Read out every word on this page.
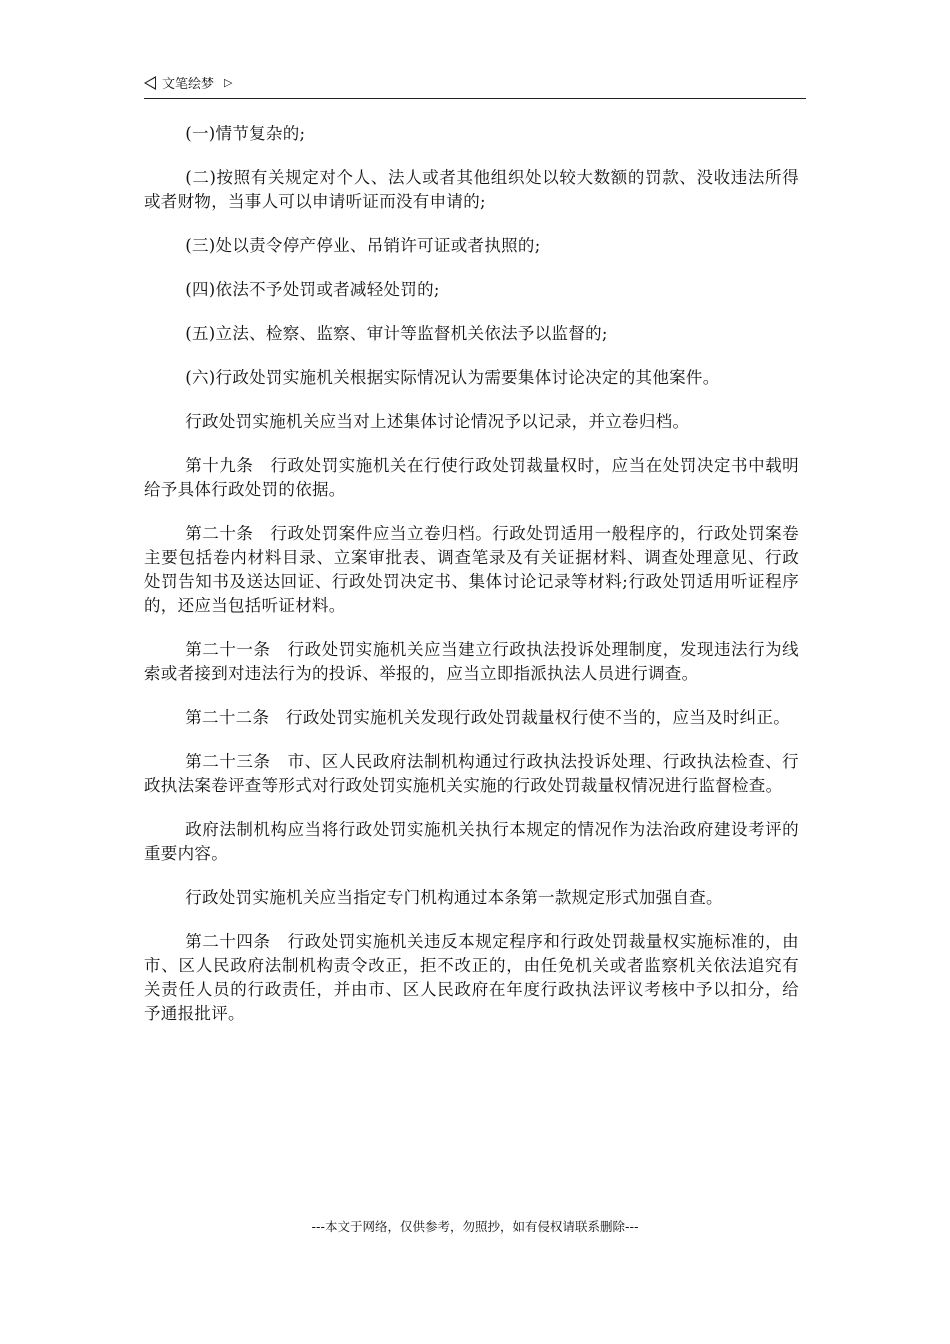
文笔绘梦 ▷

(一)情节复杂的;

(二)按照有关规定对个人、法人或者其他组织处以较大数额的罚款、没收违法所得或者财物，当事人可以申请听证而没有申请的;

(三)处以责令停产停业、吊销许可证或者执照的;

(四)依法不予处罚或者减轻处罚的;

(五)立法、检察、监察、审计等监督机关依法予以监督的;

(六)行政处罚实施机关根据实际情况认为需要集体讨论决定的其他案件。

行政处罚实施机关应当对上述集体讨论情况予以记录，并立卷归档。

第十九条　行政处罚实施机关在行使行政处罚裁量权时，应当在处罚决定书中载明给予具体行政处罚的依据。

第二十条　行政处罚案件应当立卷归档。行政处罚适用一般程序的，行政处罚案卷主要包括卷内材料目录、立案审批表、调查笔录及有关证据材料、调查处理意见、行政处罚告知书及送达回证、行政处罚决定书、集体讨论记录等材料;行政处罚适用听证程序的，还应当包括听证材料。

第二十一条　行政处罚实施机关应当建立行政执法投诉处理制度，发现违法行为线索或者接到对违法行为的投诉、举报的，应当立即指派执法人员进行调查。

第二十二条　行政处罚实施机关发现行政处罚裁量权行使不当的，应当及时纠正。

第二十三条　市、区人民政府法制机构通过行政执法投诉处理、行政执法检查、行政执法案卷评查等形式对行政处罚实施机关实施的行政处罚裁量权情况进行监督检查。

政府法制机构应当将行政处罚实施机关执行本规定的情况作为法治政府建设考评的重要内容。

行政处罚实施机关应当指定专门机构通过本条第一款规定形式加强自查。

第二十四条　行政处罚实施机关违反本规定程序和行政处罚裁量权实施标准的，由市、区人民政府法制机构责令改正，拒不改正的，由任免机关或者监察机关依法追究有关责任人员的行政责任，并由市、区人民政府在年度行政执法评议考核中予以扣分，给予通报批评。

---本文于网络，仅供参考，勿照抄，如有侵权请联系删除---
